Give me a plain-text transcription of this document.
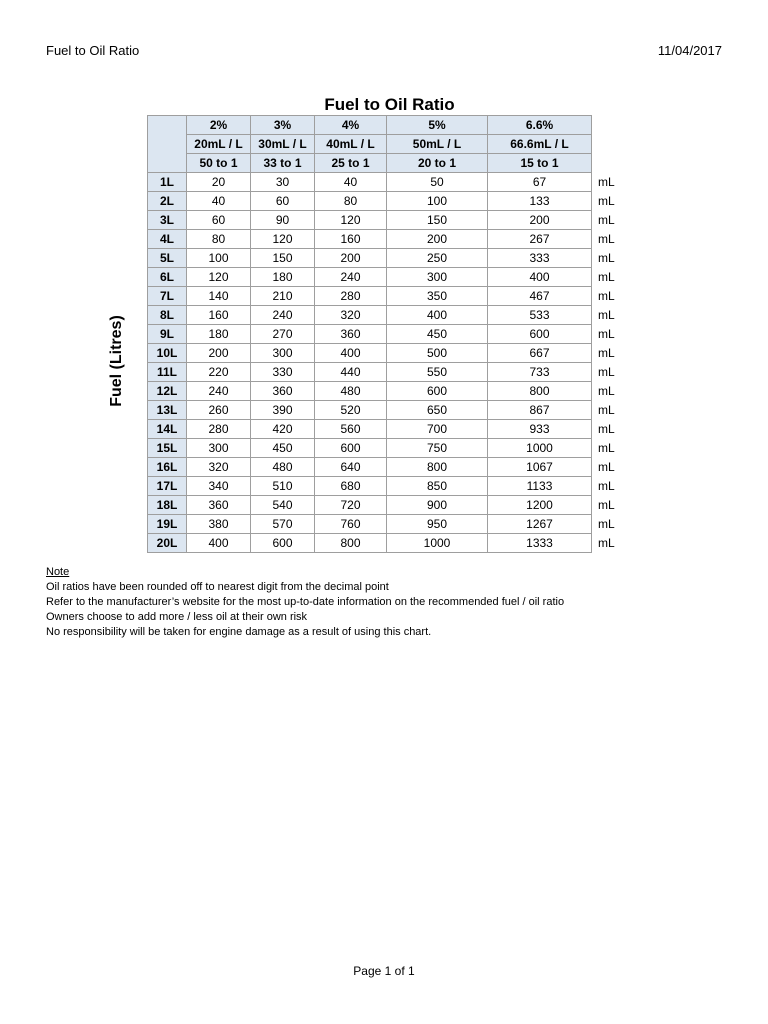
Fuel to Oil Ratio	11/04/2017
Fuel to Oil Ratio
Fuel (Litres)
	2%	3%	4%	5%	6.6%	
	20mL / L	30mL / L	40mL / L	50mL / L	66.6mL / L	
	50 to 1	33 to 1	25 to 1	20 to 1	15 to 1	
1L	20	30	40	50	67	mL
2L	40	60	80	100	133	mL
3L	60	90	120	150	200	mL
4L	80	120	160	200	267	mL
5L	100	150	200	250	333	mL
6L	120	180	240	300	400	mL
7L	140	210	280	350	467	mL
8L	160	240	320	400	533	mL
9L	180	270	360	450	600	mL
10L	200	300	400	500	667	mL
11L	220	330	440	550	733	mL
12L	240	360	480	600	800	mL
13L	260	390	520	650	867	mL
14L	280	420	560	700	933	mL
15L	300	450	600	750	1000	mL
16L	320	480	640	800	1067	mL
17L	340	510	680	850	1133	mL
18L	360	540	720	900	1200	mL
19L	380	570	760	950	1267	mL
20L	400	600	800	1000	1333	mL
Note
Oil ratios have been rounded off to nearest digit from the decimal point
Refer to the manufacturer’s website for the most up-to-date information on the recommended fuel / oil ratio
Owners choose to add more / less oil at their own risk
No responsibility will be taken for engine damage as a result of using this chart.
Page 1 of 1
